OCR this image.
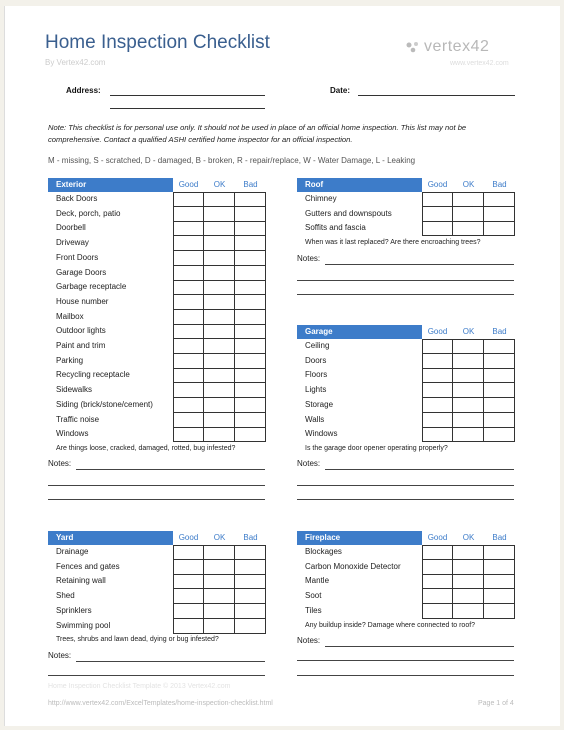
Home Inspection Checklist
By Vertex42.com
vertex42
www.vertex42.com
Address:	Date:
Note: This checklist is for personal use only. It should not be used in place of an official home inspection. This list may not be comprehensive. Contact a qualified ASHI certified home inspector for an official inspection.
M - missing, S - scratched, D - damaged, B - broken, R - repair/replace, W - Water Damage, L - Leaking
Exterior	Good	OK	Bad
Back Doors
Deck, porch, patio
Doorbell
Driveway
Front Doors
Garage Doors
Garbage receptacle
House number
Mailbox
Outdoor lights
Paint and trim
Parking
Recycling receptacle
Sidewalks
Siding (brick/stone/cement)
Traffic noise
Windows
Are things loose, cracked, damaged, rotted, bug infested?
Notes:
Roof	Good	OK	Bad
Chimney
Gutters and downspouts
Soffits and fascia
When was it last replaced? Are there encroaching trees?
Notes:
Garage	Good	OK	Bad
Ceiling
Doors
Floors
Lights
Storage
Walls
Windows
Is the garage door opener operating properly?
Notes:
Yard	Good	OK	Bad
Drainage
Fences and gates
Retaining wall
Shed
Sprinklers
Swimming pool
Trees, shrubs and lawn dead, dying or bug infested?
Notes:
Fireplace	Good	OK	Bad
Blockages
Carbon Monoxide Detector
Mantle
Soot
Tiles
Any buildup inside? Damage where connected to roof?
Notes:
Home Inspection Checklist Template © 2013 Vertex42.com
http://www.vertex42.com/ExcelTemplates/home-inspection-checklist.html	Page 1 of 4
